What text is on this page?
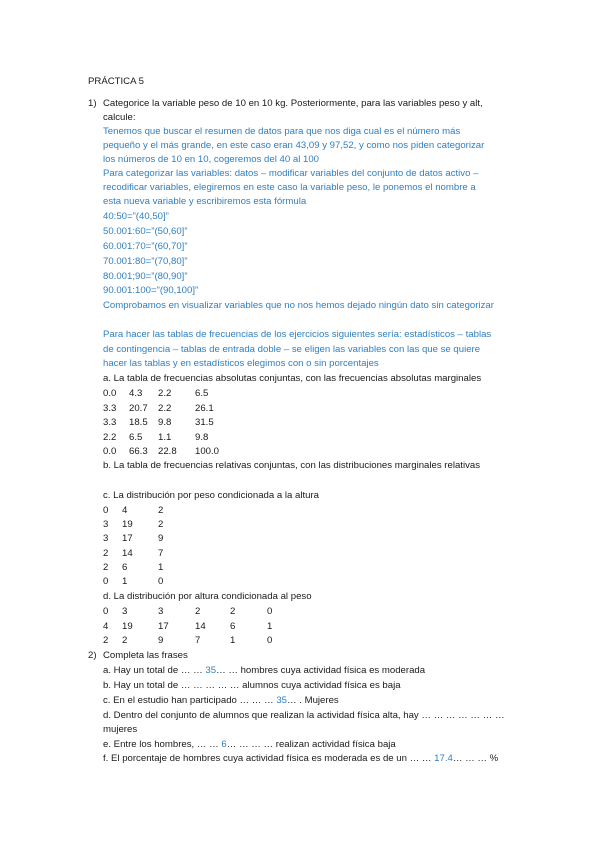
PRÁCTICA 5
1) Categorice la variable peso de 10 en 10 kg. Posteriormente, para las variables peso y alt,
calcule:
Tenemos que buscar el resumen de datos para que nos diga cual es el número más
pequeño y el más grande, en este caso eran 43,09 y 97,52, y como nos piden categorizar
los números de 10 en 10, cogeremos del 40 al 100
Para categorizar las variables: datos – modificar variables del conjunto de datos activo –
recodificar variables, elegiremos en este caso la variable peso, le ponemos el nombre a
esta nueva variable y escribiremos esta fórmula
40:50=”(40,50]”
50.001:60=”(50,60]”
60.001:70=”(60,70]”
70.001:80=”(70,80]”
80.001;90=”(80,90]”
90.001:100=”(90,100]”
Comprobamos en visualizar variables que no nos hemos dejado ningún dato sin categorizar
Para hacer las tablas de frecuencias de los ejercicios siguientes sería: estadísticos – tablas
de contingencia – tablas de entrada doble – se eligen las variables con las que se quiere
hacer las tablas y en estadísticos elegimos con o sin porcentajes
a. La tabla de frecuencias absolutas conjuntas, con las frecuencias absolutas marginales
0.0 4.3 2.2 6.5
3.3 20.7 2.2 26.1
3.3 18.5 9.8 31.5
2.2 6.5 1.1 9.8
0.0 66.3 22.8 100.0
b. La tabla de frecuencias relativas conjuntas, con las distribuciones marginales relativas
c. La distribución por peso condicionada a la altura
0 4	2
3 19	2
3 17	9
2 14	7
2 6	1
0 1	0
d. La distribución por altura condicionada al peso
0 3	3	2	2	0
4 19	17	14	6	1
2 2	9	7	1	0
2) Completa las frases
a. Hay un total de … … 35… … hombres cuya actividad física es moderada
b. Hay un total de … … … … … alumnos cuya actividad física es baja
c. En el estudio han participado … … … 35… . Mujeres
d. Dentro del conjunto de alumnos que realizan la actividad física alta, hay … … … … … … …
mujeres
e. Entre los hombres, … … 6… … … … realizan actividad física baja
f. El porcentaje de hombres cuya actividad física es moderada es de un … … 17.4… … … %
